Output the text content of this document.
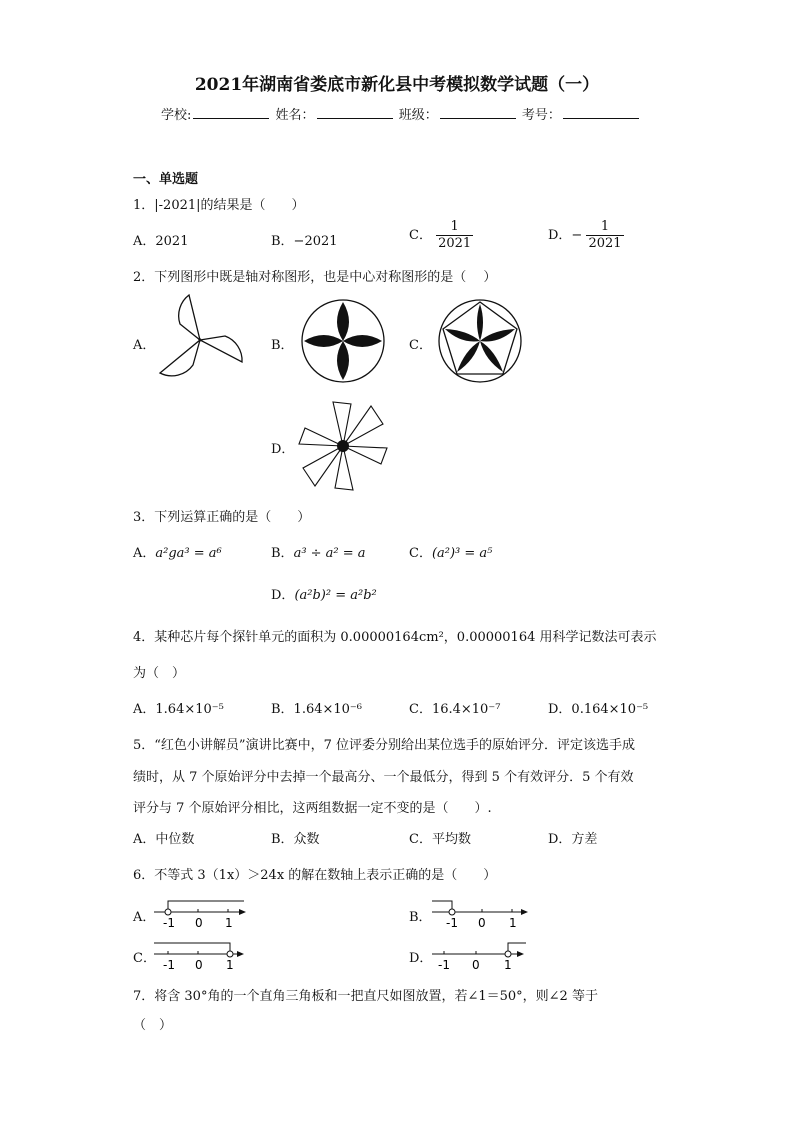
2021年湖南省娄底市新化县中考模拟数学试题（一）
学校:	姓名：	班级：	考号：
一、单选题
1．|-2021|的结果是（　　）
A．2021	B．−2021	C． $\frac{1}{2021}$	D．− $\frac{1}{2021}$
2．下列图形中既是轴对称图形，也是中心对称图形的是（　 ）
A．	B．	C．
D．
3．下列运算正确的是（　　）
A．a²ga³ = a⁶	B．a³ ÷ a² = a	C．(a²)³ = a⁵
D．(a²b)² = a²b²
4．某种芯片每个探针单元的面积为 0.00000164cm²，0.00000164 用科学记数法可表示
为（　）
A．1.64×10⁻⁵	B．1.64×10⁻⁶	C．16.4×10⁻⁷	D．0.164×10⁻⁵
5．“红色小讲解员”演讲比赛中，7 位评委分别给出某位选手的原始评分．评定该选手成
绩时，从 7 个原始评分中去掉一个最高分、一个最低分，得到 5 个有效评分．5 个有效
评分与 7 个原始评分相比，这两组数据一定不变的是（　　）.
A．中位数	B．众数	C．平均数	D．方差
6．不等式 3（1x）＞24x 的解在数轴上表示正确的是（　　）
A．	B．
C．	D．
-1 0 1	-1 0 1
-1 0 1	-1 0 1
7．将含 30°角的一个直角三角板和一把直尺如图放置，若∠1＝50°，则∠2 等于
（　）
